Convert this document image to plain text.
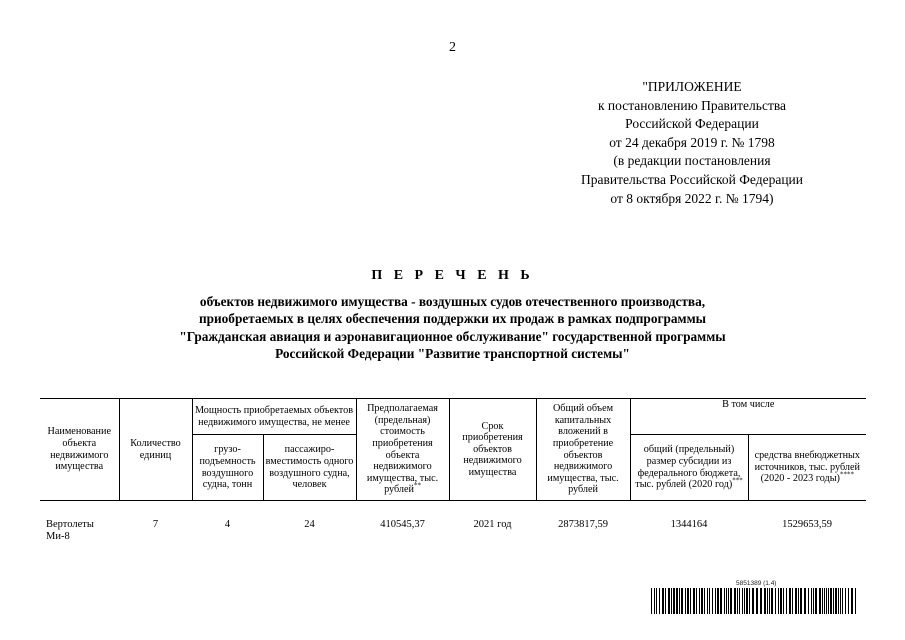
2
"ПРИЛОЖЕНИЕ
к постановлению Правительства
Российской Федерации
от 24 декабря 2019 г. № 1798
(в редакции постановления
Правительства Российской Федерации
от 8 октября 2022 г. № 1794)
П Е Р Е Ч Е Н Ь
объектов недвижимого имущества - воздушных судов отечественного производства,
приобретаемых в целях обеспечения поддержки их продаж в рамках подпрограммы
"Гражданская авиация и аэронавигационное обслуживание" государственной программы
Российской Федерации "Развитие транспортной системы"
Наименование объекта недвижимого имущества	Количество единиц	Мощность приобретаемых объектов недвижимого имущества, не менее		Предполагаемая (предельная) стоимость приобретения объекта недвижимого имущества, тыс. рублей**	Срок приобретения объектов недвижимого имущества	Общий объем капитальных вложений в приобретение объектов недвижимого имущества, тыс. рублей	В том числе	
		грузо-подъемность воздушного судна, тонн	пассажиро-вместимость одного воздушного судна, человек				общий (предельный) размер субсидии из федерального бюджета, тыс. рублей (2020 год)***	средства внебюджетных источников, тыс. рублей (2020 - 2023 годы)****
Вертолеты Ми-8	7	4	24	410545,37	2021 год	2873817,59	1344164	1529653,59
5851389 (1.4)
